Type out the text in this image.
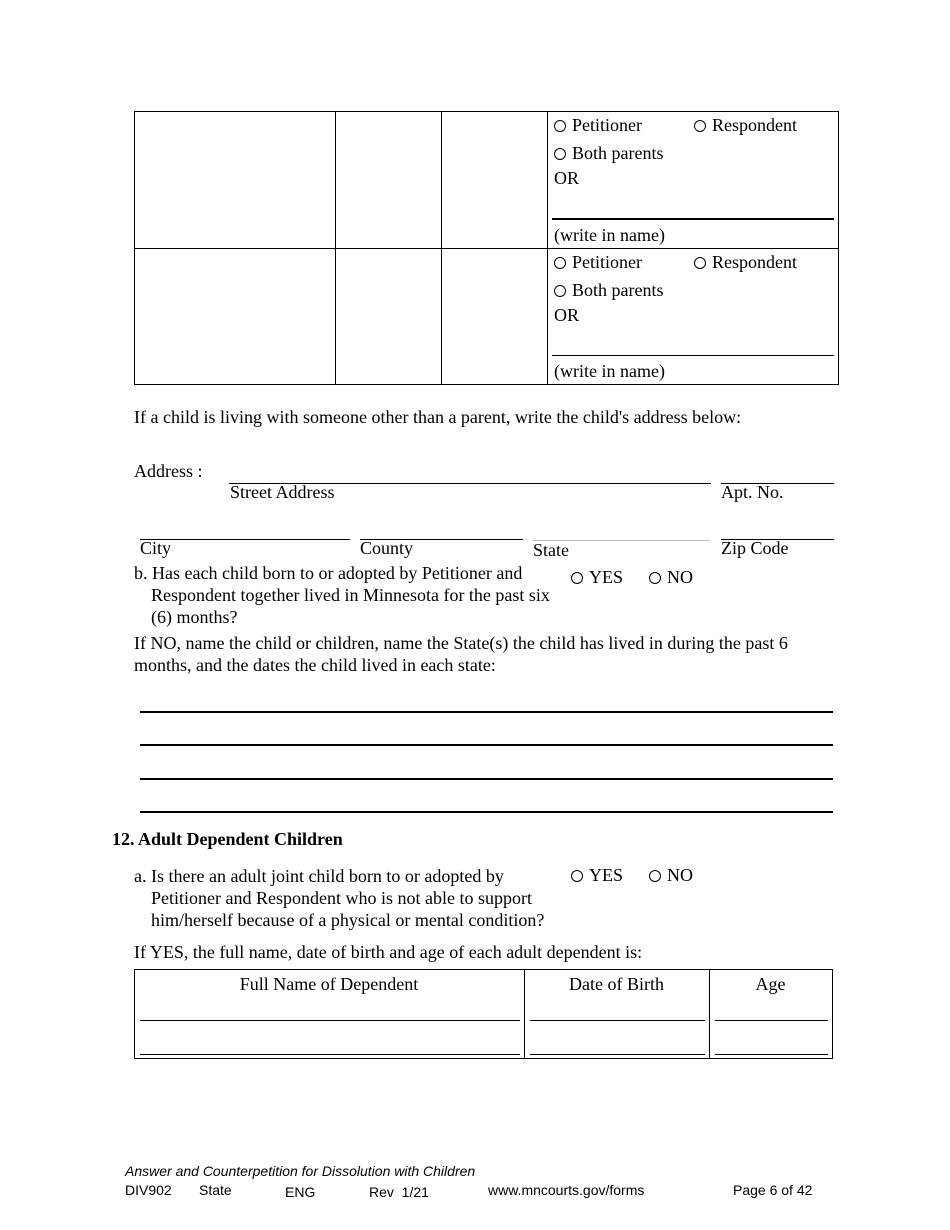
Petitioner	Respondent
Both parents
OR
(write in name)
Petitioner	Respondent
Both parents
OR
(write in name)
If a child is living with someone other than a parent, write the child's address below:
Address :
Street Address	Apt. No.
City	County	State	Zip Code
b. Has each child born to or adopted by Petitioner and
Respondent together lived in Minnesota for the past six
(6) months?
YES	NO
If NO, name the child or children, name the State(s) the child has lived in during the past 6
months, and the dates the child lived in each state:
12. Adult Dependent Children
a. Is there an adult joint child born to or adopted by
Petitioner and Respondent who is not able to support
him/herself because of a physical or mental condition?
YES	NO
If YES, the full name, date of birth and age of each adult dependent is:
Full Name of Dependent	Date of Birth	Age
Answer and Counterpetition for Dissolution with Children
DIV902 State	ENG	Rev  1/21	www.mncourts.gov/forms	Page 6 of 42
